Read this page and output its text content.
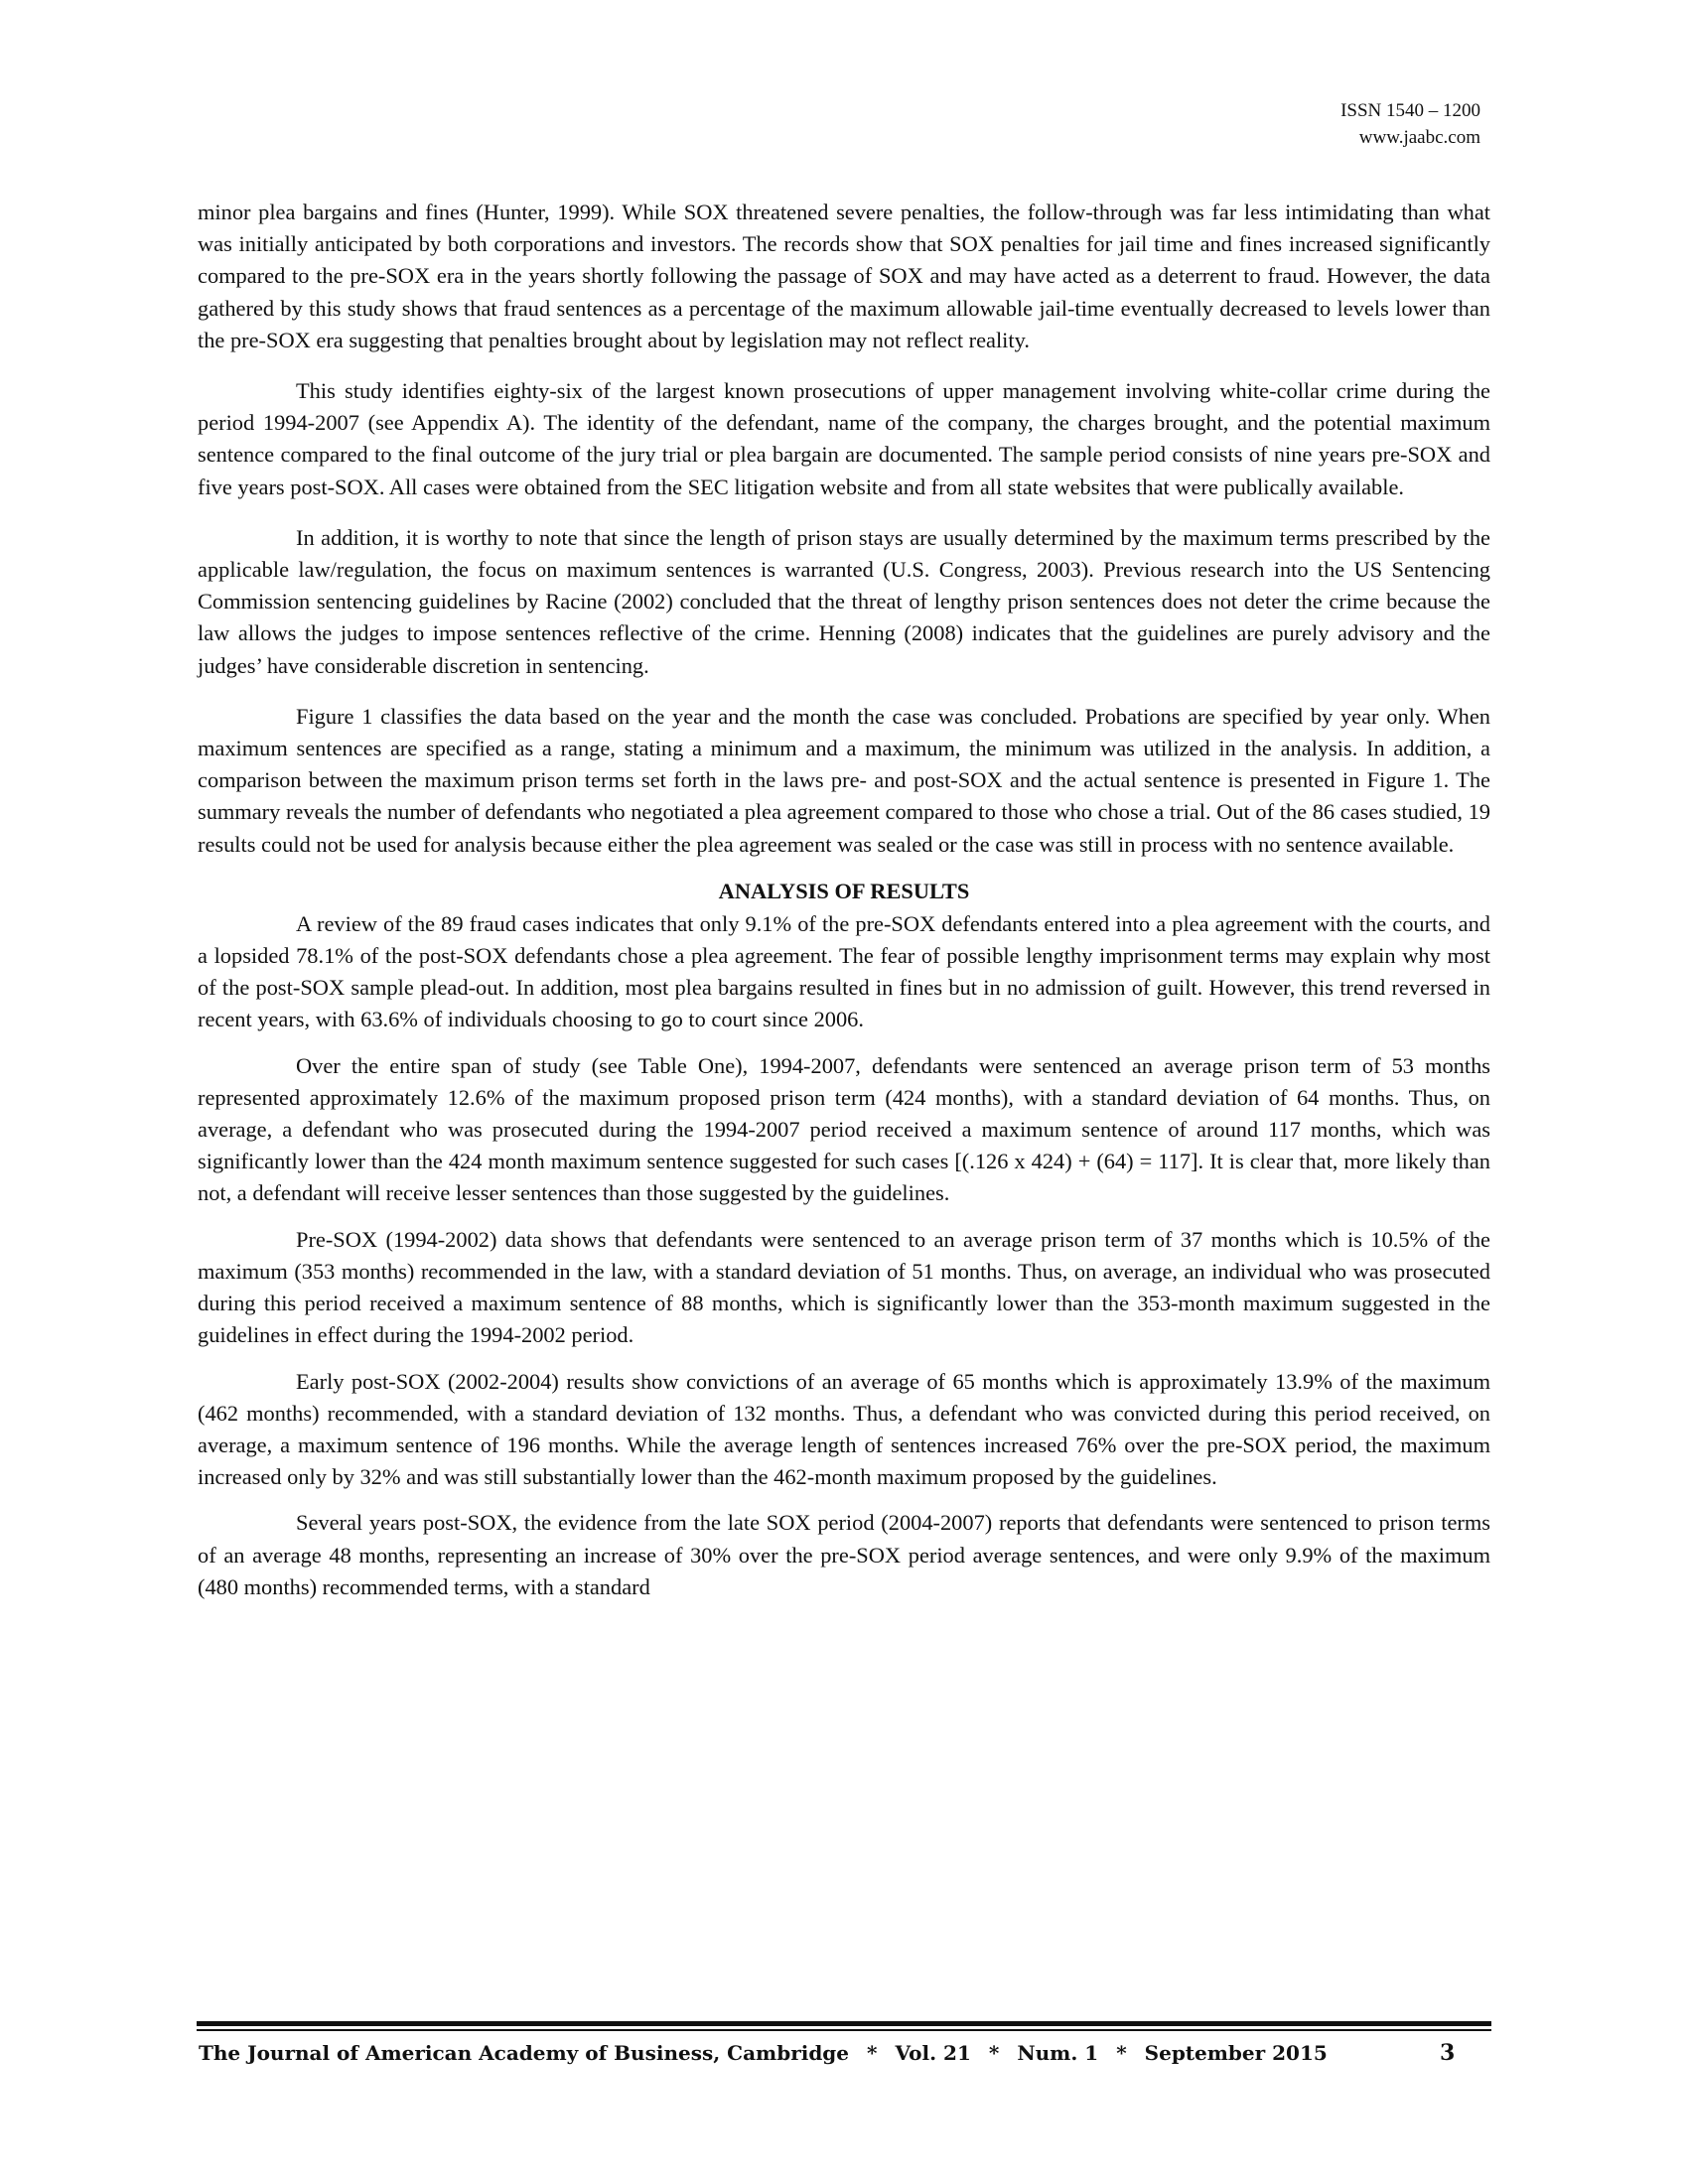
ISSN 1540 – 1200
www.jaabc.com

minor plea bargains and fines (Hunter, 1999). While SOX threatened severe penalties, the follow-through was far less intimidating than what was initially anticipated by both corporations and investors. The records show that SOX penalties for jail time and fines increased significantly compared to the pre-SOX era in the years shortly following the passage of SOX and may have acted as a deterrent to fraud. However, the data gathered by this study shows that fraud sentences as a percentage of the maximum allowable jail-time eventually decreased to levels lower than the pre-SOX era suggesting that penalties brought about by legislation may not reflect reality.

This study identifies eighty-six of the largest known prosecutions of upper management involving white-collar crime during the period 1994-2007 (see Appendix A). The identity of the defendant, name of the company, the charges brought, and the potential maximum sentence compared to the final outcome of the jury trial or plea bargain are documented. The sample period consists of nine years pre-SOX and five years post-SOX. All cases were obtained from the SEC litigation website and from all state websites that were publically available.

In addition, it is worthy to note that since the length of prison stays are usually determined by the maximum terms prescribed by the applicable law/regulation, the focus on maximum sentences is warranted (U.S. Congress, 2003). Previous research into the US Sentencing Commission sentencing guidelines by Racine (2002) concluded that the threat of lengthy prison sentences does not deter the crime because the law allows the judges to impose sentences reflective of the crime. Henning (2008) indicates that the guidelines are purely advisory and the judges’ have considerable discretion in sentencing.

Figure 1 classifies the data based on the year and the month the case was concluded. Probations are specified by year only. When maximum sentences are specified as a range, stating a minimum and a maximum, the minimum was utilized in the analysis. In addition, a comparison between the maximum prison terms set forth in the laws pre- and post-SOX and the actual sentence is presented in Figure 1. The summary reveals the number of defendants who negotiated a plea agreement compared to those who chose a trial. Out of the 86 cases studied, 19 results could not be used for analysis because either the plea agreement was sealed or the case was still in process with no sentence available.

ANALYSIS OF RESULTS

A review of the 89 fraud cases indicates that only 9.1% of the pre-SOX defendants entered into a plea agreement with the courts, and a lopsided 78.1% of the post-SOX defendants chose a plea agreement. The fear of possible lengthy imprisonment terms may explain why most of the post-SOX sample plead-out. In addition, most plea bargains resulted in fines but in no admission of guilt. However, this trend reversed in recent years, with 63.6% of individuals choosing to go to court since 2006.

Over the entire span of study (see Table One), 1994-2007, defendants were sentenced an average prison term of 53 months represented approximately 12.6% of the maximum proposed prison term (424 months), with a standard deviation of 64 months. Thus, on average, a defendant who was prosecuted during the 1994-2007 period received a maximum sentence of around 117 months, which was significantly lower than the 424 month maximum sentence suggested for such cases [(.126 x 424) + (64) = 117]. It is clear that, more likely than not, a defendant will receive lesser sentences than those suggested by the guidelines.

Pre-SOX (1994-2002) data shows that defendants were sentenced to an average prison term of 37 months which is 10.5% of the maximum (353 months) recommended in the law, with a standard deviation of 51 months. Thus, on average, an individual who was prosecuted during this period received a maximum sentence of 88 months, which is significantly lower than the 353-month maximum suggested in the guidelines in effect during the 1994-2002 period.

Early post-SOX (2002-2004) results show convictions of an average of 65 months which is approximately 13.9% of the maximum (462 months) recommended, with a standard deviation of 132 months. Thus, a defendant who was convicted during this period received, on average, a maximum sentence of 196 months. While the average length of sentences increased 76% over the pre-SOX period, the maximum increased only by 32% and was still substantially lower than the 462-month maximum proposed by the guidelines.

Several years post-SOX, the evidence from the late SOX period (2004-2007) reports that defendants were sentenced to prison terms of an average 48 months, representing an increase of 30% over the pre-SOX period average sentences, and were only 9.9% of the maximum (480 months) recommended terms, with a standard

The Journal of American Academy of Business, Cambridge * Vol. 21 * Num. 1 * September 2015	3
